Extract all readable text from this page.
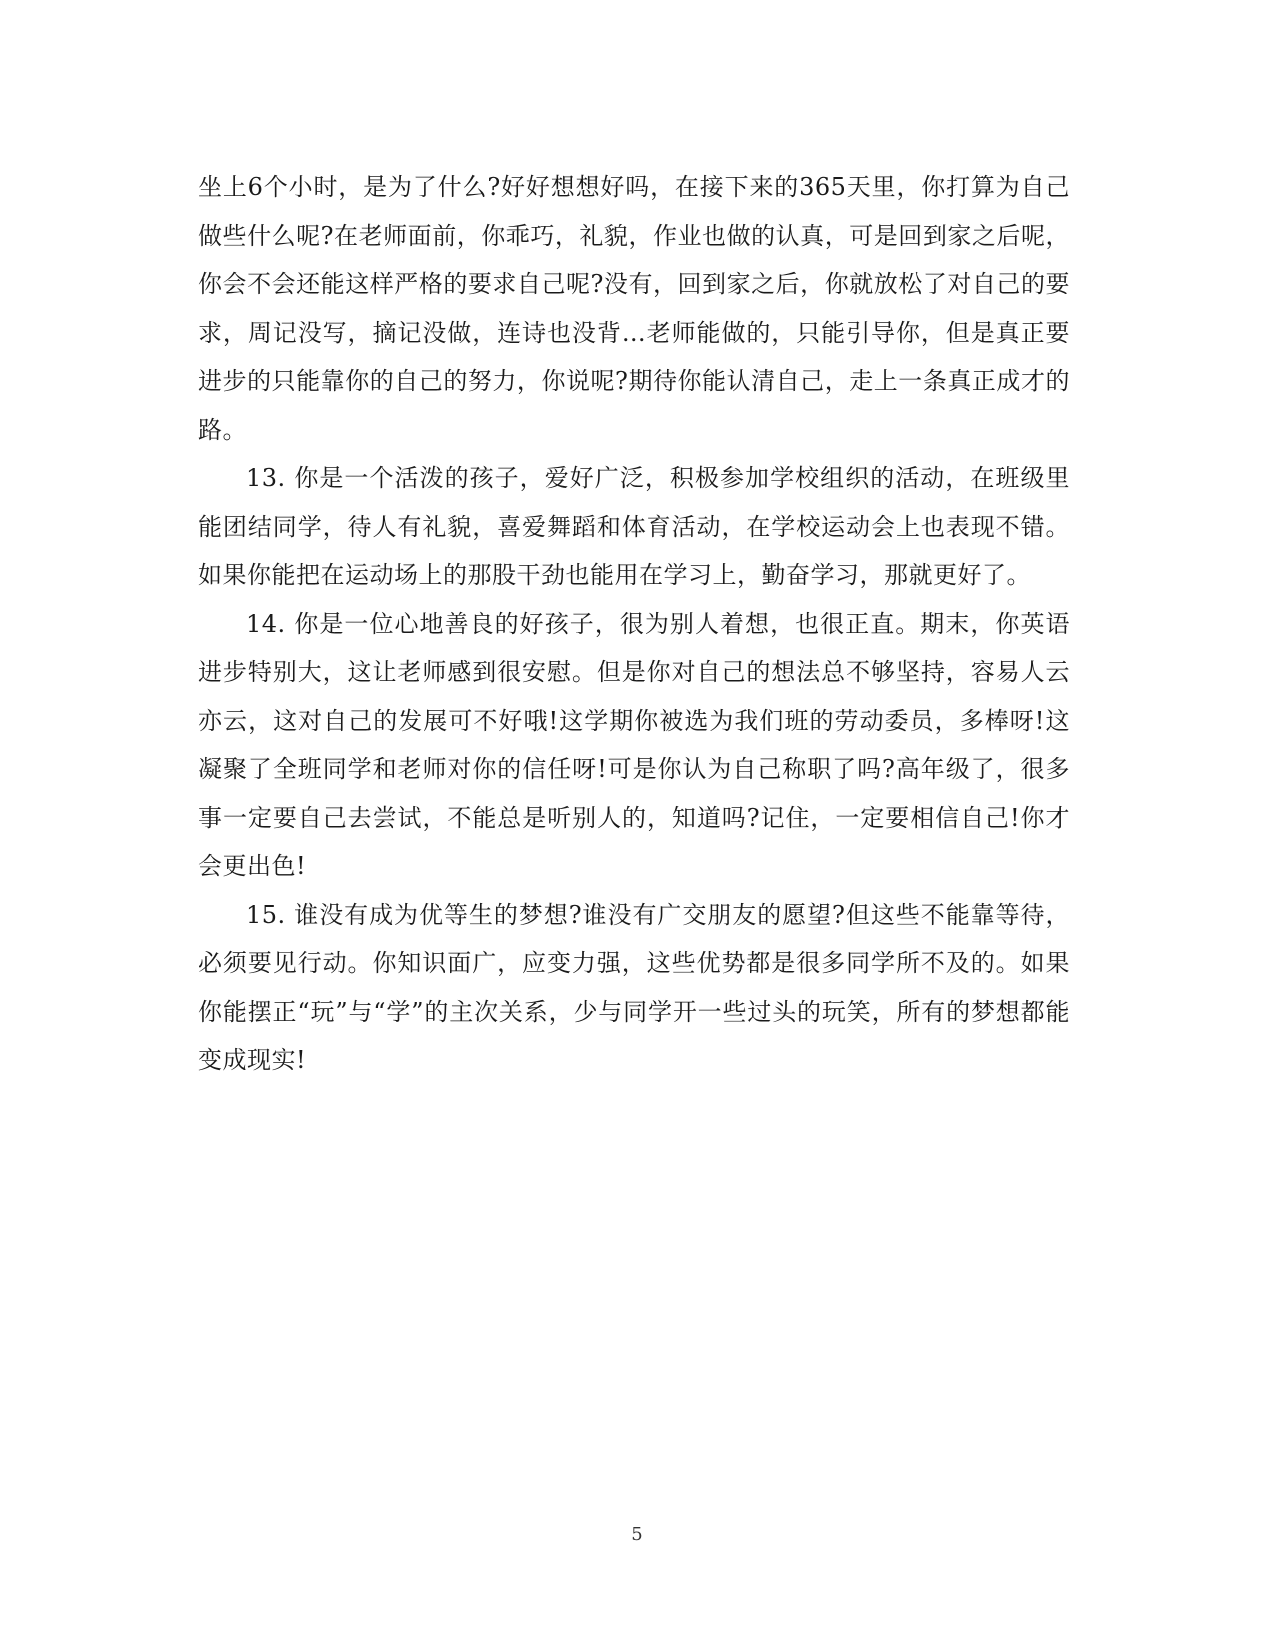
坐上6个小时，是为了什么?好好想想好吗，在接下来的365天里，你打算为自己做些什么呢?在老师面前，你乖巧，礼貌，作业也做的认真，可是回到家之后呢，你会不会还能这样严格的要求自己呢?没有，回到家之后，你就放松了对自己的要求，周记没写，摘记没做，连诗也没背…老师能做的，只能引导你，但是真正要进步的只能靠你的自己的努力，你说呢?期待你能认清自己，走上一条真正成才的路。

13. 你是一个活泼的孩子，爱好广泛，积极参加学校组织的活动，在班级里能团结同学，待人有礼貌，喜爱舞蹈和体育活动，在学校运动会上也表现不错。如果你能把在运动场上的那股干劲也能用在学习上，勤奋学习，那就更好了。

14. 你是一位心地善良的好孩子，很为别人着想，也很正直。期末，你英语进步特别大，这让老师感到很安慰。但是你对自己的想法总不够坚持，容易人云亦云，这对自己的发展可不好哦!这学期你被选为我们班的劳动委员，多棒呀!这凝聚了全班同学和老师对你的信任呀!可是你认为自己称职了吗?高年级了，很多事一定要自己去尝试，不能总是听别人的，知道吗?记住，一定要相信自己!你才会更出色!

15. 谁没有成为优等生的梦想?谁没有广交朋友的愿望?但这些不能靠等待，必须要见行动。你知识面广，应变力强，这些优势都是很多同学所不及的。如果你能摆正“玩”与“学”的主次关系，少与同学开一些过头的玩笑，所有的梦想都能变成现实!

5
